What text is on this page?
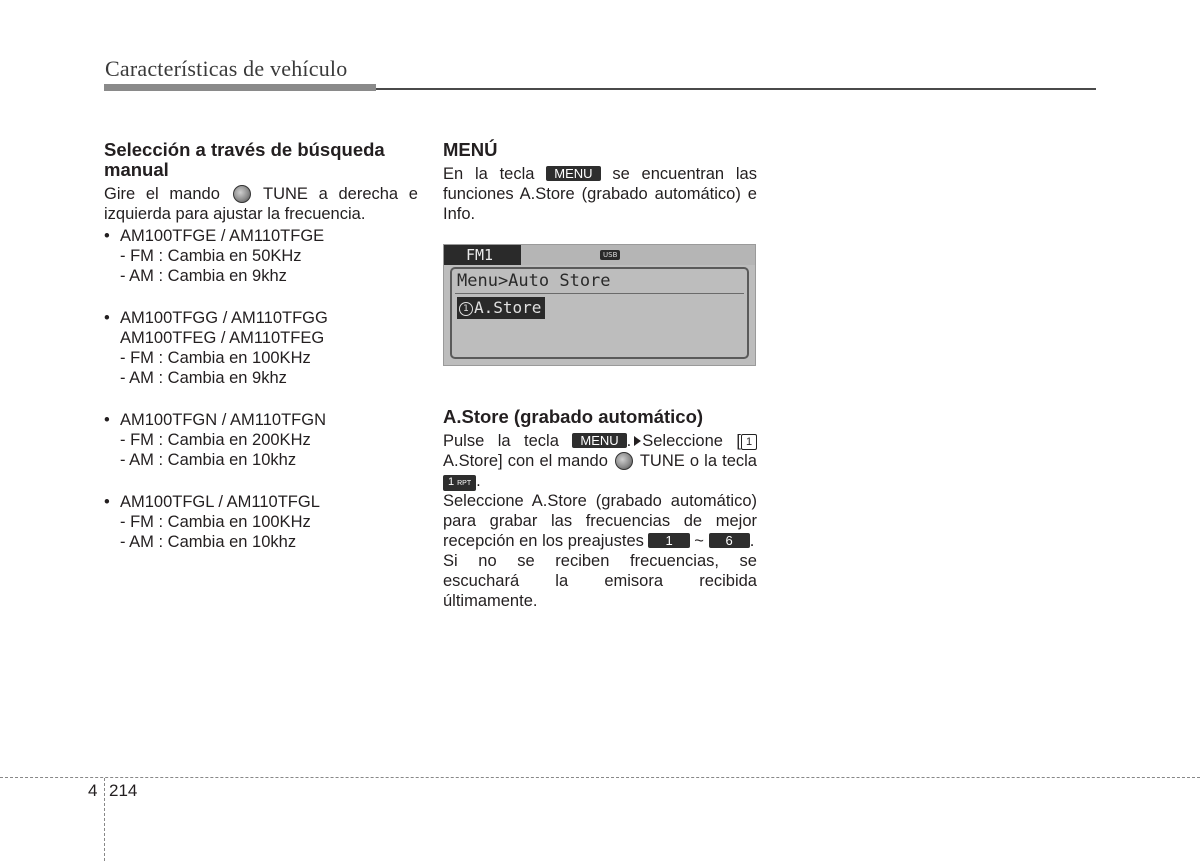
Características de vehículo
Selección a través de búsqueda manual

Gire el mando	TUNE a derecha e izquierda para ajustar la frecuencia.

• AM100TFGE / AM110TFGE
- FM : Cambia en 50KHz
- AM : Cambia en 9khz
• AM100TFGG / AM110TFGG
AM100TFEG / AM110TFEG
- FM : Cambia en 100KHz
- AM : Cambia en 9khz
• AM100TFGN / AM110TFGN
- FM : Cambia en 200KHz
- AM : Cambia en 10khz
• AM100TFGL / AM110TFGL
- FM : Cambia en 100KHz
- AM : Cambia en 10khz
MENÚ

En la tecla MENU se encuentran las funciones A.Store (grabado automático) e Info.

FM1	USB
Menu>Auto Store
1 A.Store
A.Store (grabado automático)

Pulse la tecla MENU . Seleccione [ 1 A.Store] con el mando TUNE o la tecla 1 RPT .

Seleccione A.Store (grabado automático) para grabar las frecuencias de mejor recepción en los preajustes 1 ~ 6 .

Si no se reciben frecuencias, se escuchará la emisora recibida últimamente.

4 214
